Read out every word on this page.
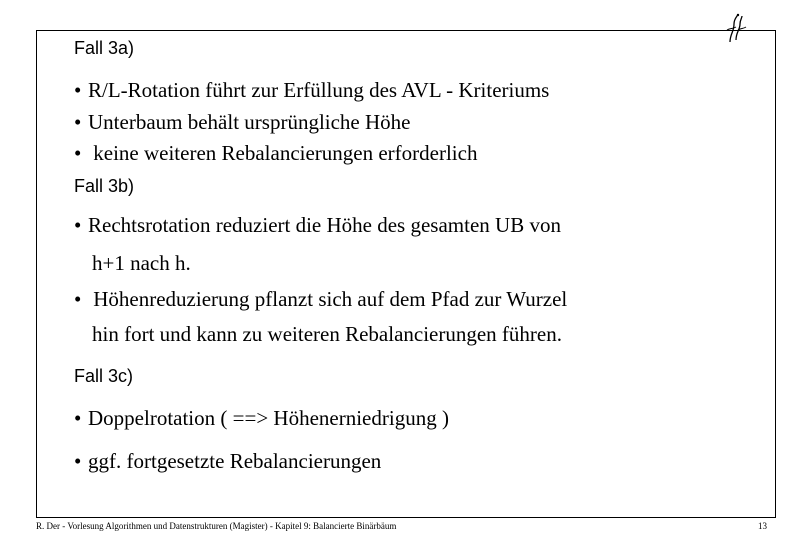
Fall 3a)
•R/L-Rotation führt zur Erfüllung des AVL - Kriteriums
•Unterbaum behält ursprüngliche Höhe
• keine weiteren Rebalancierungen erforderlich
Fall 3b)
•Rechtsrotation reduziert die Höhe des gesamten UB von
h+1 nach h.
• Höhenreduzierung pflanzt sich auf dem Pfad zur Wurzel
hin fort und kann zu weiteren Rebalancierungen führen.
Fall 3c)
•Doppelrotation ( ==> Höhenerniedrigung )
•ggf. fortgesetzte Rebalancierungen
R. Der - Vorlesung Algorithmen und Datenstrukturen (Magister) - Kapitel 9: Balancierte Binärbäum	13
